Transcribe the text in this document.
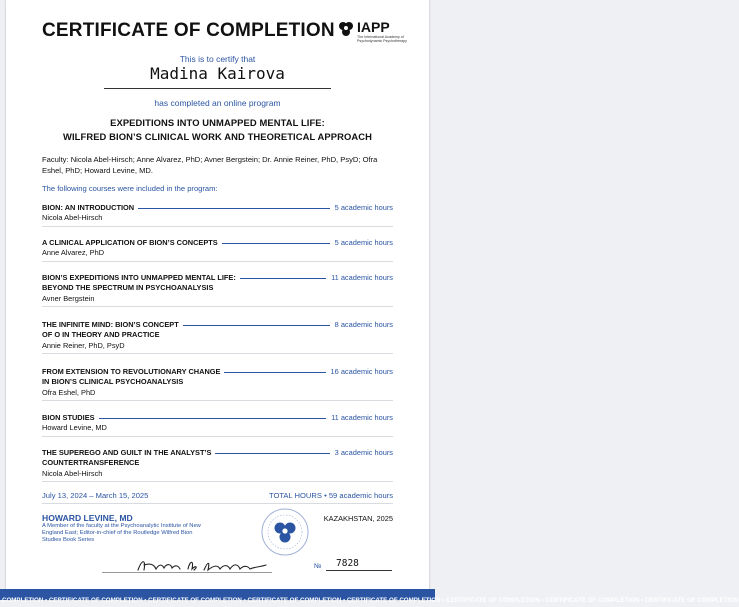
CERTIFICATE OF COMPLETION IAPP
The International Academy of Psychodynamic Psychotherapy
This is to certify that
Madina Kairova
has completed an online program
EXPEDITIONS INTO UNMAPPED MENTAL LIFE:
WILFRED BION’S CLINICAL WORK AND THEORETICAL APPROACH
Faculty: Nicola Abel-Hirsch; Anne Alvarez, PhD; Avner Bergstein; Dr. Annie Reiner, PhD, PsyD; Ofra Eshel, PhD; Howard Levine, MD.
The following courses were included in the program:
BION: AN INTRODUCTION	5 academic hours
Nicola Abel-Hirsch
A CLINICAL APPLICATION OF BION’S CONCEPTS	5 academic hours
Anne Alvarez, PhD
BION’S EXPEDITIONS INTO UNMAPPED MENTAL LIFE:
BEYOND THE SPECTRUM IN PSYCHOANALYSIS
11 academic hours
Avner Bergstein
THE INFINITE MIND: BION’S CONCEPT
OF O IN THEORY AND PRACTICE
8 academic hours
Annie Reiner, PhD, PsyD
FROM EXTENSION TO REVOLUTIONARY CHANGE
IN BION’S CLINICAL PSYCHOANALYSIS
16 academic hours
Ofra Eshel, PhD
BION STUDIES	11 academic hours
Howard Levine, MD
THE SUPEREGO AND GUILT IN THE ANALYST’S
COUNTERTRANSFERENCE
3 academic hours
Nicola Abel-Hirsch
July 13, 2024 – March 15, 2025	TOTAL HOURS • 59 academic hours
HOWARD LEVINE, MD
A Member of the faculty at the Psychoanalytic Institute of New England East; Editor-in-chief of the Routledge Wilfred Bion Studies Book Series
KAZAKHSTAN, 2025
№ 7828
COMPLETION • CERTIFICATE OF COMPLETION • CERTIFICATE OF COMPLETION • CERTIFICATE OF COMPLETION • CERTIFICATE OF COMPLETION • CERTIFICATE OF COMPLETION • CERTIFICATE OF COMPLETION • CERTIFICATE OF COMPLETION
